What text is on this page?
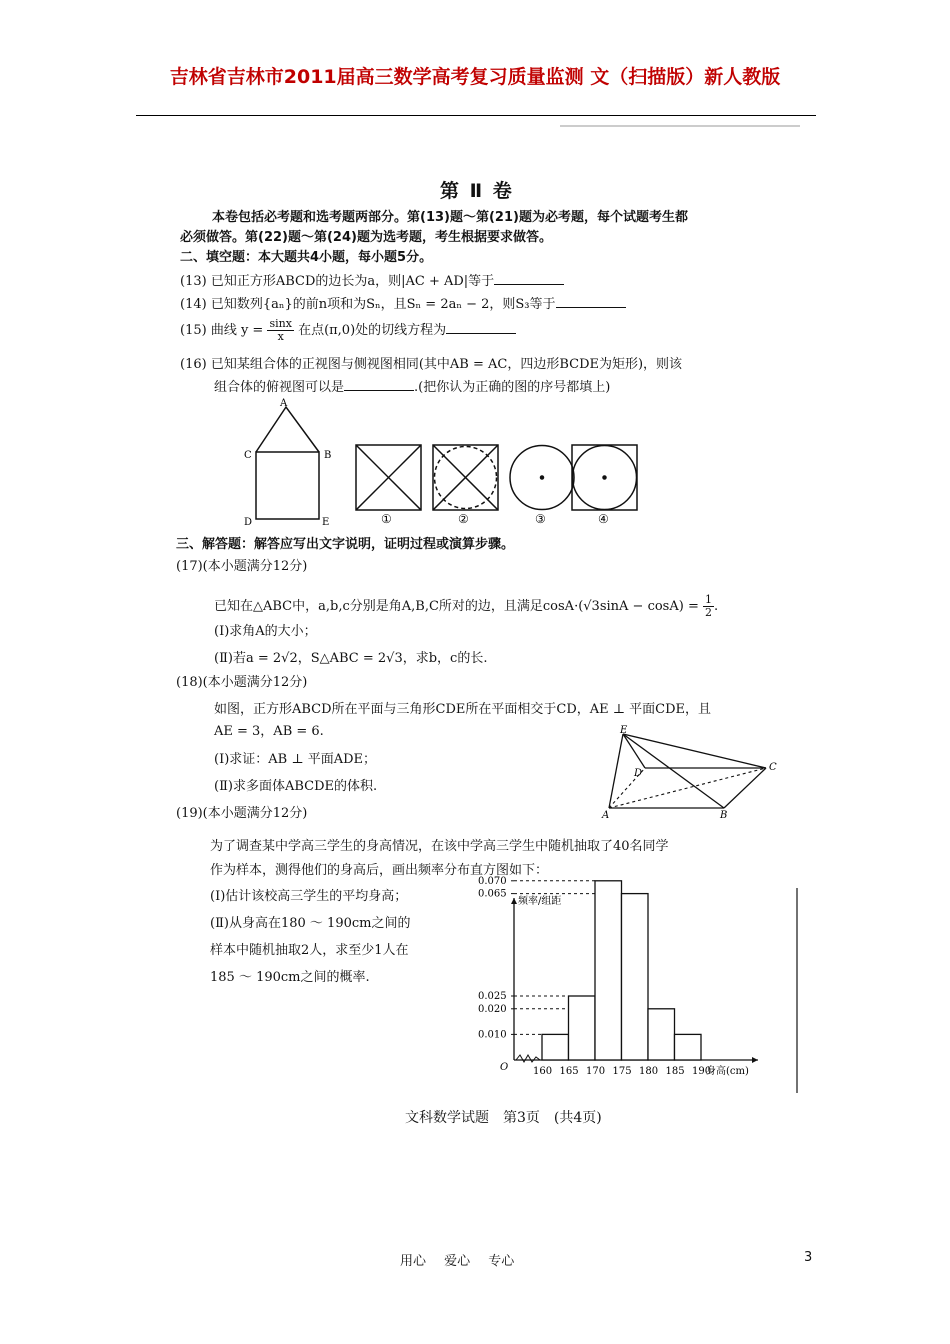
吉林省吉林市2011届高三数学高考复习质量监测 文（扫描版）新人教版
第 Ⅱ 卷
本卷包括必考题和选考题两部分。第(13)题～第(21)题为必考题，每个试题考生都
必须做答。第(22)题～第(24)题为选考题，考生根据要求做答。
二、填空题：本大题共4小题，每小题5分。
(13) 已知正方形ABCD的边长为a，则|AC + AD|等于
(14) 已知数列{aₙ}的前n项和为Sₙ，且Sₙ = 2aₙ − 2，则S₃等于
(15) 曲线 $y = \frac{\sin x}{x}$ 在点(π,0)处的切线方程为
(16) 已知某组合体的正视图与侧视图相同(其中AB = AC，四边形BCDE为矩形)，则该
组合体的俯视图可以是	.(把你认为正确的图的序号都填上)
A
B
C
D	E	①	②	③	④
三、解答题：解答应写出文字说明，证明过程或演算步骤。
(17)(本小题满分12分)
已知在△ABC中，a,b,c分别是角A,B,C所对的边，且满足$\cos A\cdot(√3\sin A - \cos A) = \frac{1}{2}$ .
(Ⅰ)求角A的大小；
(Ⅱ)若a = 2√2，S△ABC = 2√3，求b，c的长.
(18)(本小题满分12分)
如图，正方形ABCD所在平面与三角形CDE所在平面相交于CD，AE ⊥ 平面CDE，且
AE = 3，AB = 6.
(Ⅰ)求证：AB ⊥ 平面ADE；
(Ⅱ)求多面体ABCDE的体积.
E
D
C
A	B
(19)(本小题满分12分)
为了调查某中学高三学生的身高情况，在该中学高三学生中随机抽取了40名同学
作为样本，测得他们的身高后，画出频率分布直方图如下：
(Ⅰ)估计该校高三学生的平均身高；
(Ⅱ)从身高在180 ～ 190cm之间的
样本中随机抽取2人，求至少1人在
185 ～ 190cm之间的概率.
频率/组距
身高(cm)
O
0.010
0.020
0.025
0.065
0.070
160 165 170 175 180 185 190
文科数学试题　第3页　(共4页)
用心 爱心 专心	3
